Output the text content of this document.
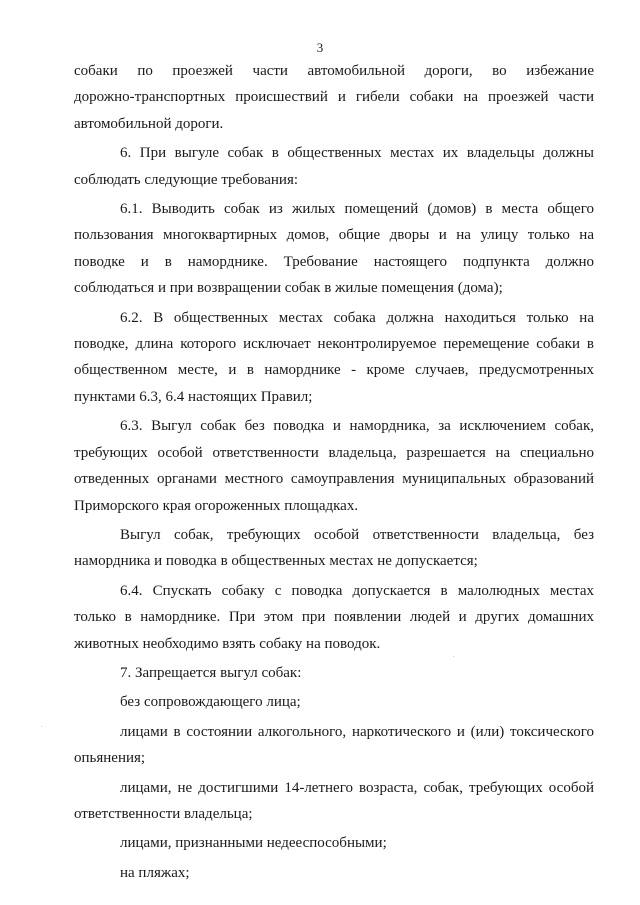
3
·
·

собаки по проезжей части автомобильной дороги, во избежание

дорожно-транспортных происшествий и гибели собаки на проезжей части

автомобильной дороги.

6. При выгуле собак в общественных местах их владельцы должны

соблюдать следующие требования:

6.1. Выводить собак из жилых помещений (домов) в места общего

пользования многоквартирных домов, общие дворы и на улицу только на

поводке и в наморднике. Требование настоящего подпункта должно

соблюдаться и при возвращении собак в жилые помещения (дома);

6.2. В общественных местах собака должна находиться только на

поводке, длина которого исключает неконтролируемое перемещение собаки в

общественном месте, и в наморднике - кроме случаев, предусмотренных

пунктами 6.3, 6.4 настоящих Правил;

6.3. Выгул собак без поводка и намордника, за исключением собак,

требующих особой ответственности владельца, разрешается на специально

отведенных органами местного самоуправления муниципальных образований

Приморского края огороженных площадках.

Выгул собак, требующих особой ответственности владельца, без

намордника и поводка в общественных местах не допускается;

6.4. Спускать собаку с поводка допускается в малолюдных местах

только в наморднике. При этом при появлении людей и других домашних

животных необходимо взять собаку на поводок.

7. Запрещается выгул собак:

без сопровождающего лица;

лицами в состоянии алкогольного, наркотического и (или) токсического

опьянения;

лицами, не достигшими 14-летнего возраста, собак, требующих особой

ответственности владельца;

лицами, признанными недееспособными;

на пляжах;
